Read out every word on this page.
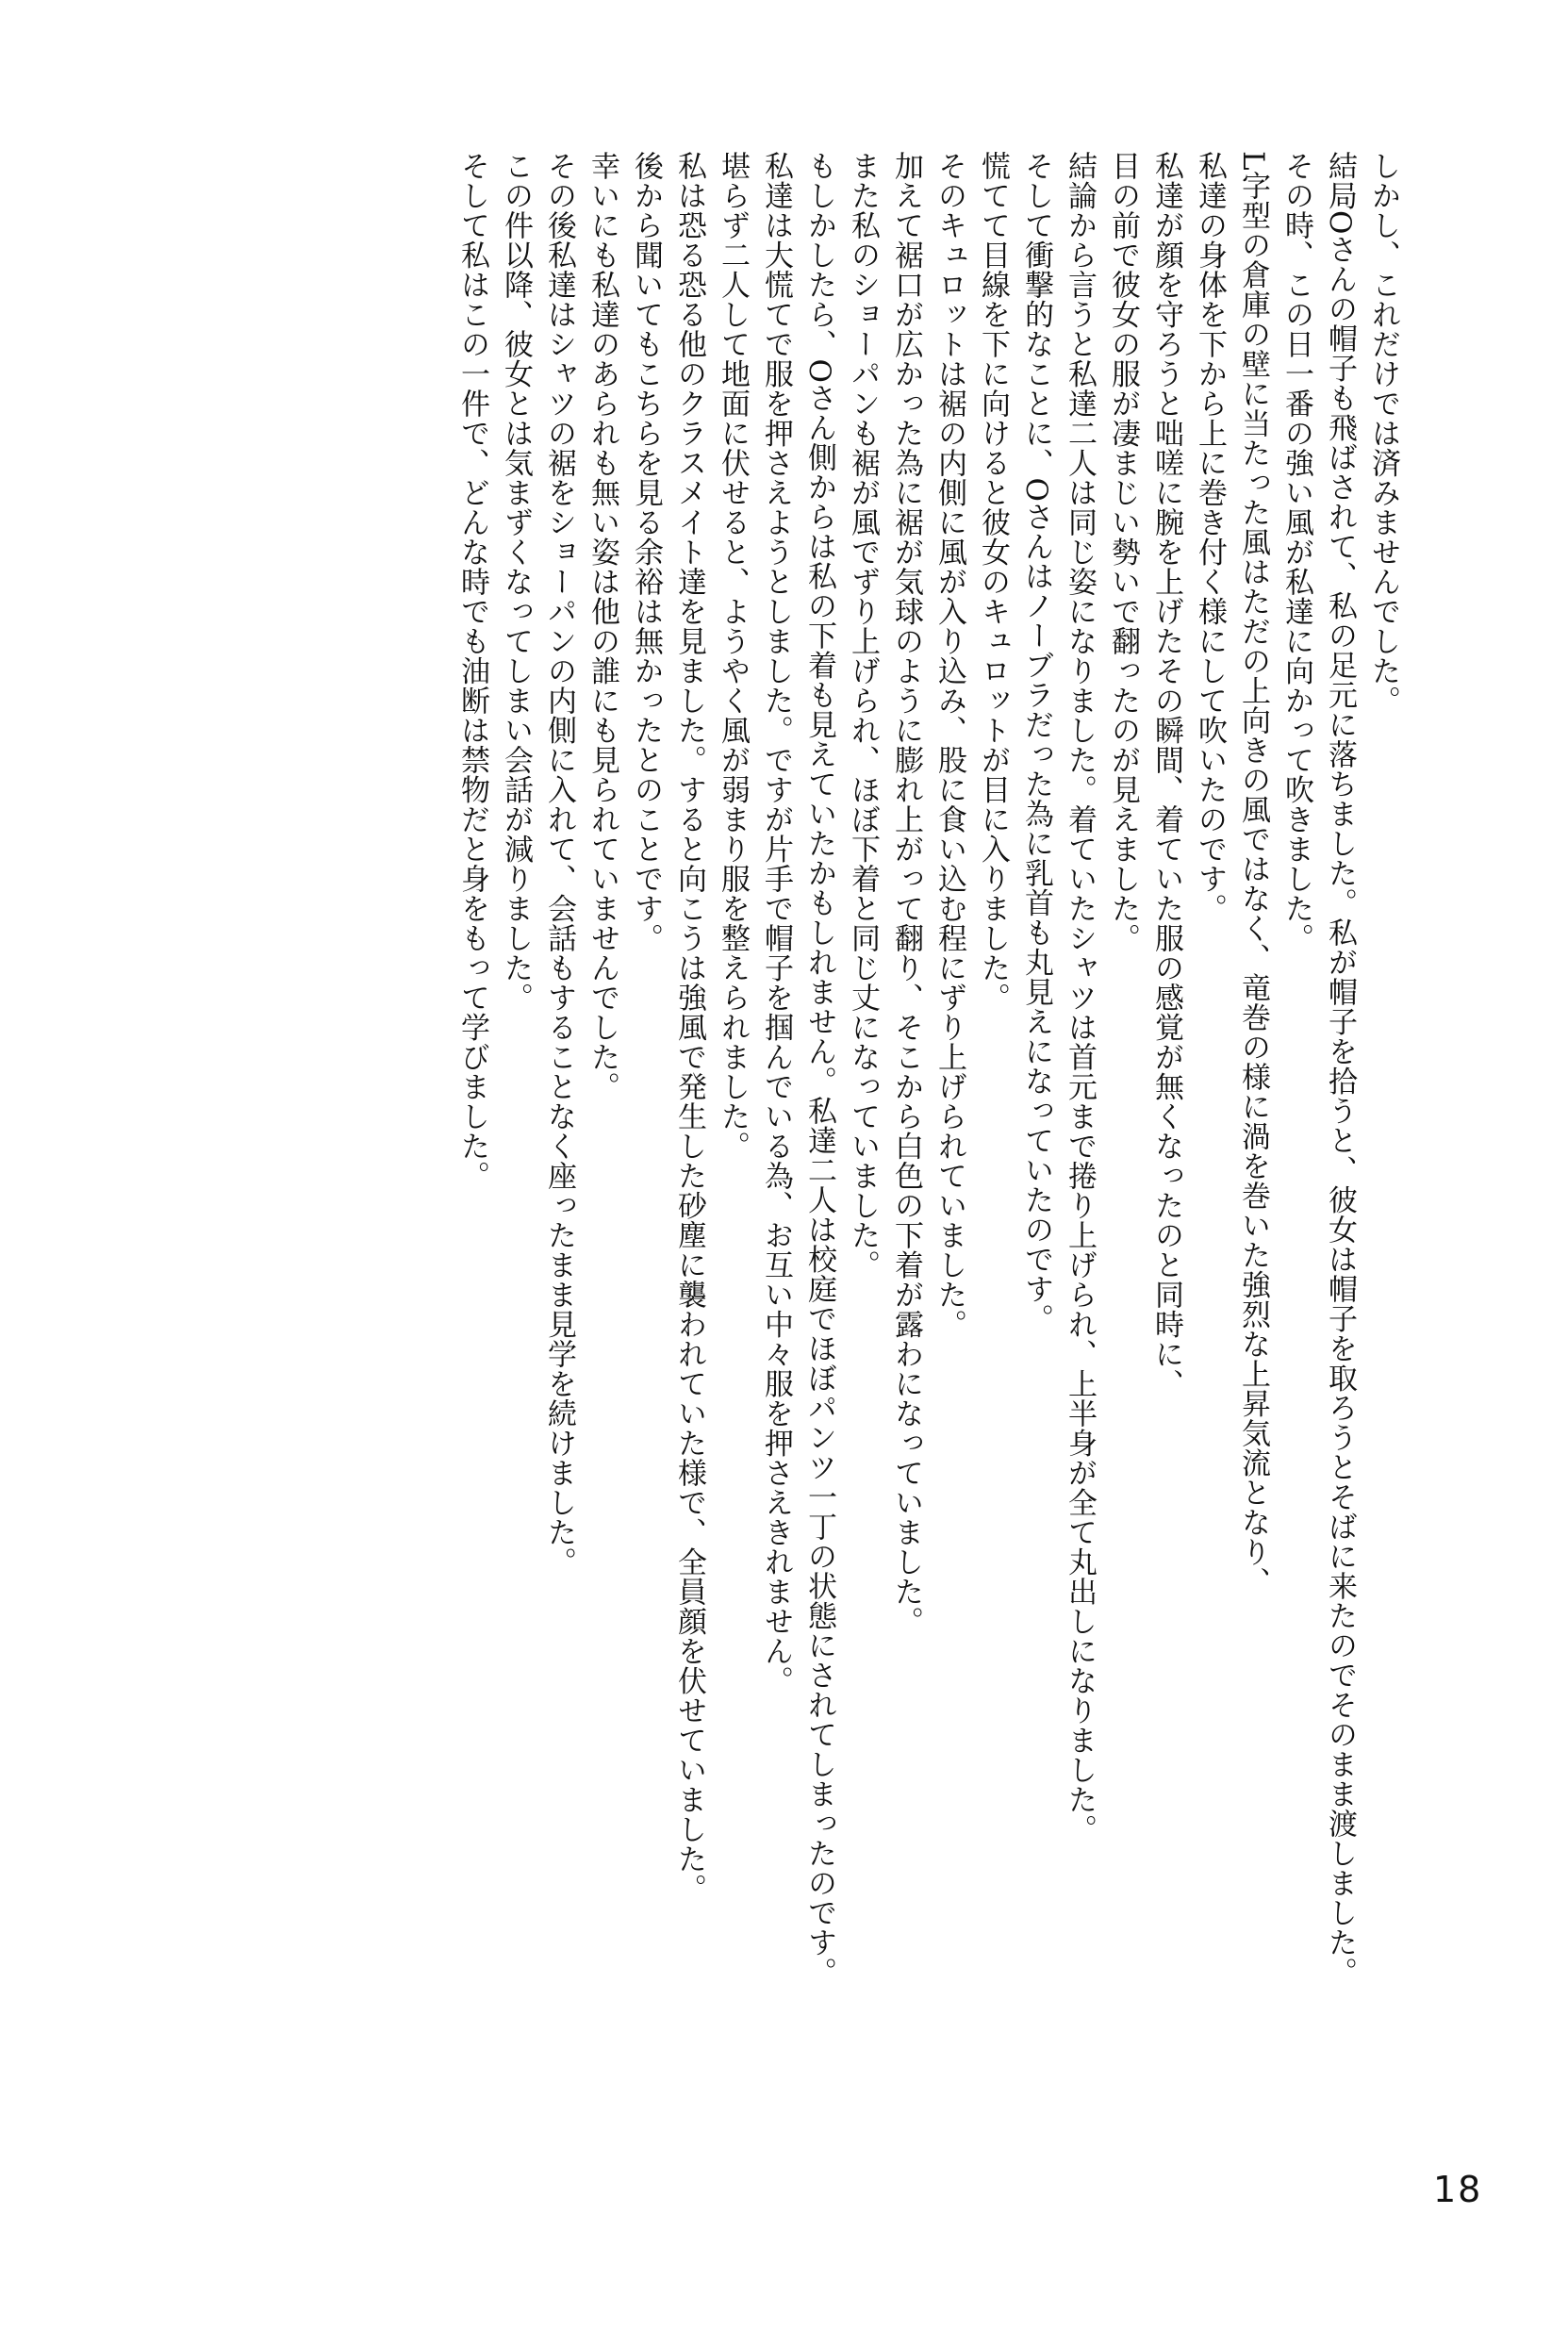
しかし、これだけでは済みませんでした。
結局Oさんの帽子も飛ばされて、私の足元に落ちました。私が帽子を拾うと、彼女は帽子を取ろうとそばに来たのでそのまま渡しました。
その時、この日一番の強い風が私達に向かって吹きました。
L字型の倉庫の壁に当たった風はただの上向きの風ではなく、竜巻の様に渦を巻いた強烈な上昇気流となり、
私達の身体を下から上に巻き付く様にして吹いたのです。
私達が顔を守ろうと咄嗟に腕を上げたその瞬間、着ていた服の感覚が無くなったのと同時に、
目の前で彼女の服が凄まじい勢いで翻ったのが見えました。
結論から言うと私達二人は同じ姿になりました。着ていたシャツは首元まで捲り上げられ、上半身が全て丸出しになりました。
そして衝撃的なことに、Oさんはノーブラだった為に乳首も丸見えになっていたのです。
慌てて目線を下に向けると彼女のキュロットが目に入りました。
そのキュロットは裾の内側に風が入り込み、股に食い込む程にずり上げられていました。
加えて裾口が広かった為に裾が気球のように膨れ上がって翻り、そこから白色の下着が露わになっていました。
また私のショーパンも裾が風でずり上げられ、ほぼ下着と同じ丈になっていました。
もしかしたら、Oさん側からは私の下着も見えていたかもしれません。私達二人は校庭でほぼパンツ一丁の状態にされてしまったのです。
私達は大慌てで服を押さえようとしました。ですが片手で帽子を掴んでいる為、お互い中々服を押さえきれません。
堪らず二人して地面に伏せると、ようやく風が弱まり服を整えられました。
私は恐る恐る他のクラスメイト達を見ました。すると向こうは強風で発生した砂塵に襲われていた様で、全員顔を伏せていました。
後から聞いてもこちらを見る余裕は無かったとのことです。
幸いにも私達のあられも無い姿は他の誰にも見られていませんでした。
その後私達はシャツの裾をショーパンの内側に入れて、会話もすることなく座ったまま見学を続けました。
この件以降、彼女とは気まずくなってしまい会話が減りました。
そして私はこの一件で、どんな時でも油断は禁物だと身をもって学びました。
18
